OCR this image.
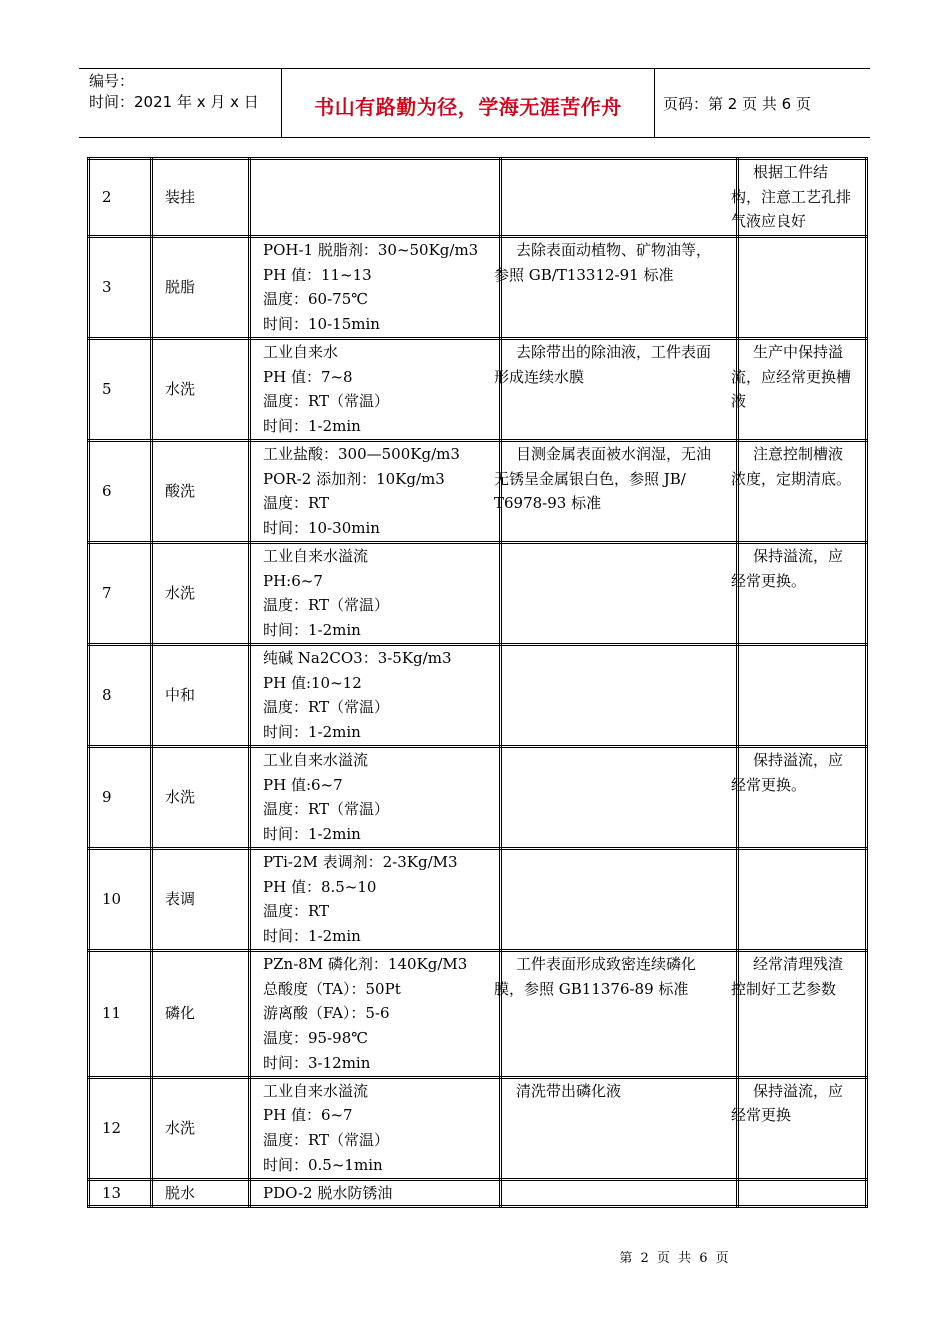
编号：
时间：2021 年 x 月 x 日	书山有路勤为径，学海无涯苦作舟	页码：第 2 页 共 6 页
2	装挂			根据工件结
构，注意工艺孔排
气液应良好

3	脱脂	POH-1 脱脂剂：30~50Kg/m3
PH 值：11~13
温度：60-75℃
时间：10-15min	去除表面动植物、矿物油等，
参照 GB/T13312-91 标准	

5	水洗	工业自来水
PH 值：7~8
温度：RT（常温）
时间：1-2min	去除带出的除油液，工件表面
形成连续水膜	生产中保持溢
流，应经常更换槽
液

6	酸洗	工业盐酸：300—500Kg/m3
POR-2 添加剂：10Kg/m3
温度：RT
时间：10-30min	目测金属表面被水润湿，无油
无锈呈金属银白色，参照 JB/
T6978-93 标准	注意控制槽液
浓度，定期清底。

7	水洗	工业自来水溢流
PH:6~7
温度：RT（常温）
时间：1-2min		保持溢流，应
经常更换。

8	中和	纯碱 Na2CO3：3-5Kg/m3
PH 值:10~12
温度：RT（常温）
时间：1-2min		

9	水洗	工业自来水溢流
PH 值:6~7
温度：RT（常温）
时间：1-2min		保持溢流，应
经常更换。

10	表调	PTi-2M 表调剂：2-3Kg/M3
PH 值：8.5~10
温度：RT
时间：1-2min		

11	磷化	PZn-8M 磷化剂：140Kg/M3
总酸度（TA）：50Pt
游离酸（FA）：5-6
温度：95-98℃
时间：3-12min	工件表面形成致密连续磷化
膜，参照 GB11376-89 标准	经常清理残渣
控制好工艺参数

12	水洗	工业自来水溢流
PH 值：6~7
温度：RT（常温）
时间：0.5~1min	清洗带出磷化液	保持溢流，应
经常更换

13	脱水	PDO-2 脱水防锈油		

第 2 页 共 6 页
